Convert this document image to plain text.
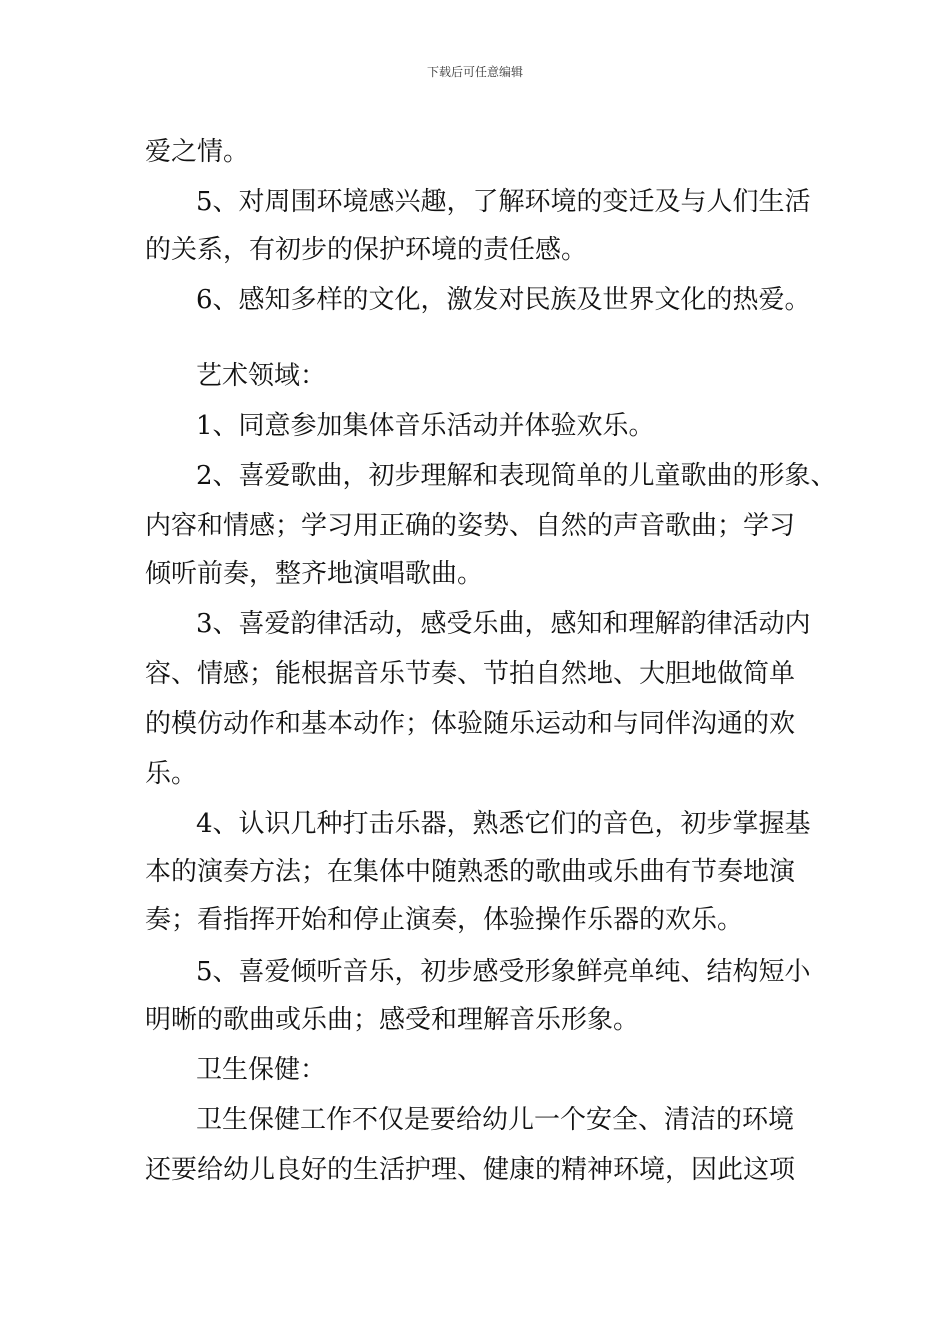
下载后可任意编辑
爱之情。
5、对周围环境感兴趣，了解环境的变迁及与人们生活
的关系，有初步的保护环境的责任感。
6、感知多样的文化，激发对民族及世界文化的热爱。
艺术领域：
1、同意参加集体音乐活动并体验欢乐。
2、喜爱歌曲，初步理解和表现简单的儿童歌曲的形象、
内容和情感；学习用正确的姿势、自然的声音歌曲；学习
倾听前奏，整齐地演唱歌曲。
3、喜爱韵律活动，感受乐曲，感知和理解韵律活动内
容、情感；能根据音乐节奏、节拍自然地、大胆地做简单
的模仿动作和基本动作；体验随乐运动和与同伴沟通的欢
乐。
4、认识几种打击乐器，熟悉它们的音色，初步掌握基
本的演奏方法；在集体中随熟悉的歌曲或乐曲有节奏地演
奏；看指挥开始和停止演奏，体验操作乐器的欢乐。
5、喜爱倾听音乐，初步感受形象鲜亮单纯、结构短小
明晰的歌曲或乐曲；感受和理解音乐形象。
卫生保健：
卫生保健工作不仅是要给幼儿一个安全、清洁的环境
还要给幼儿良好的生活护理、健康的精神环境，因此这项
